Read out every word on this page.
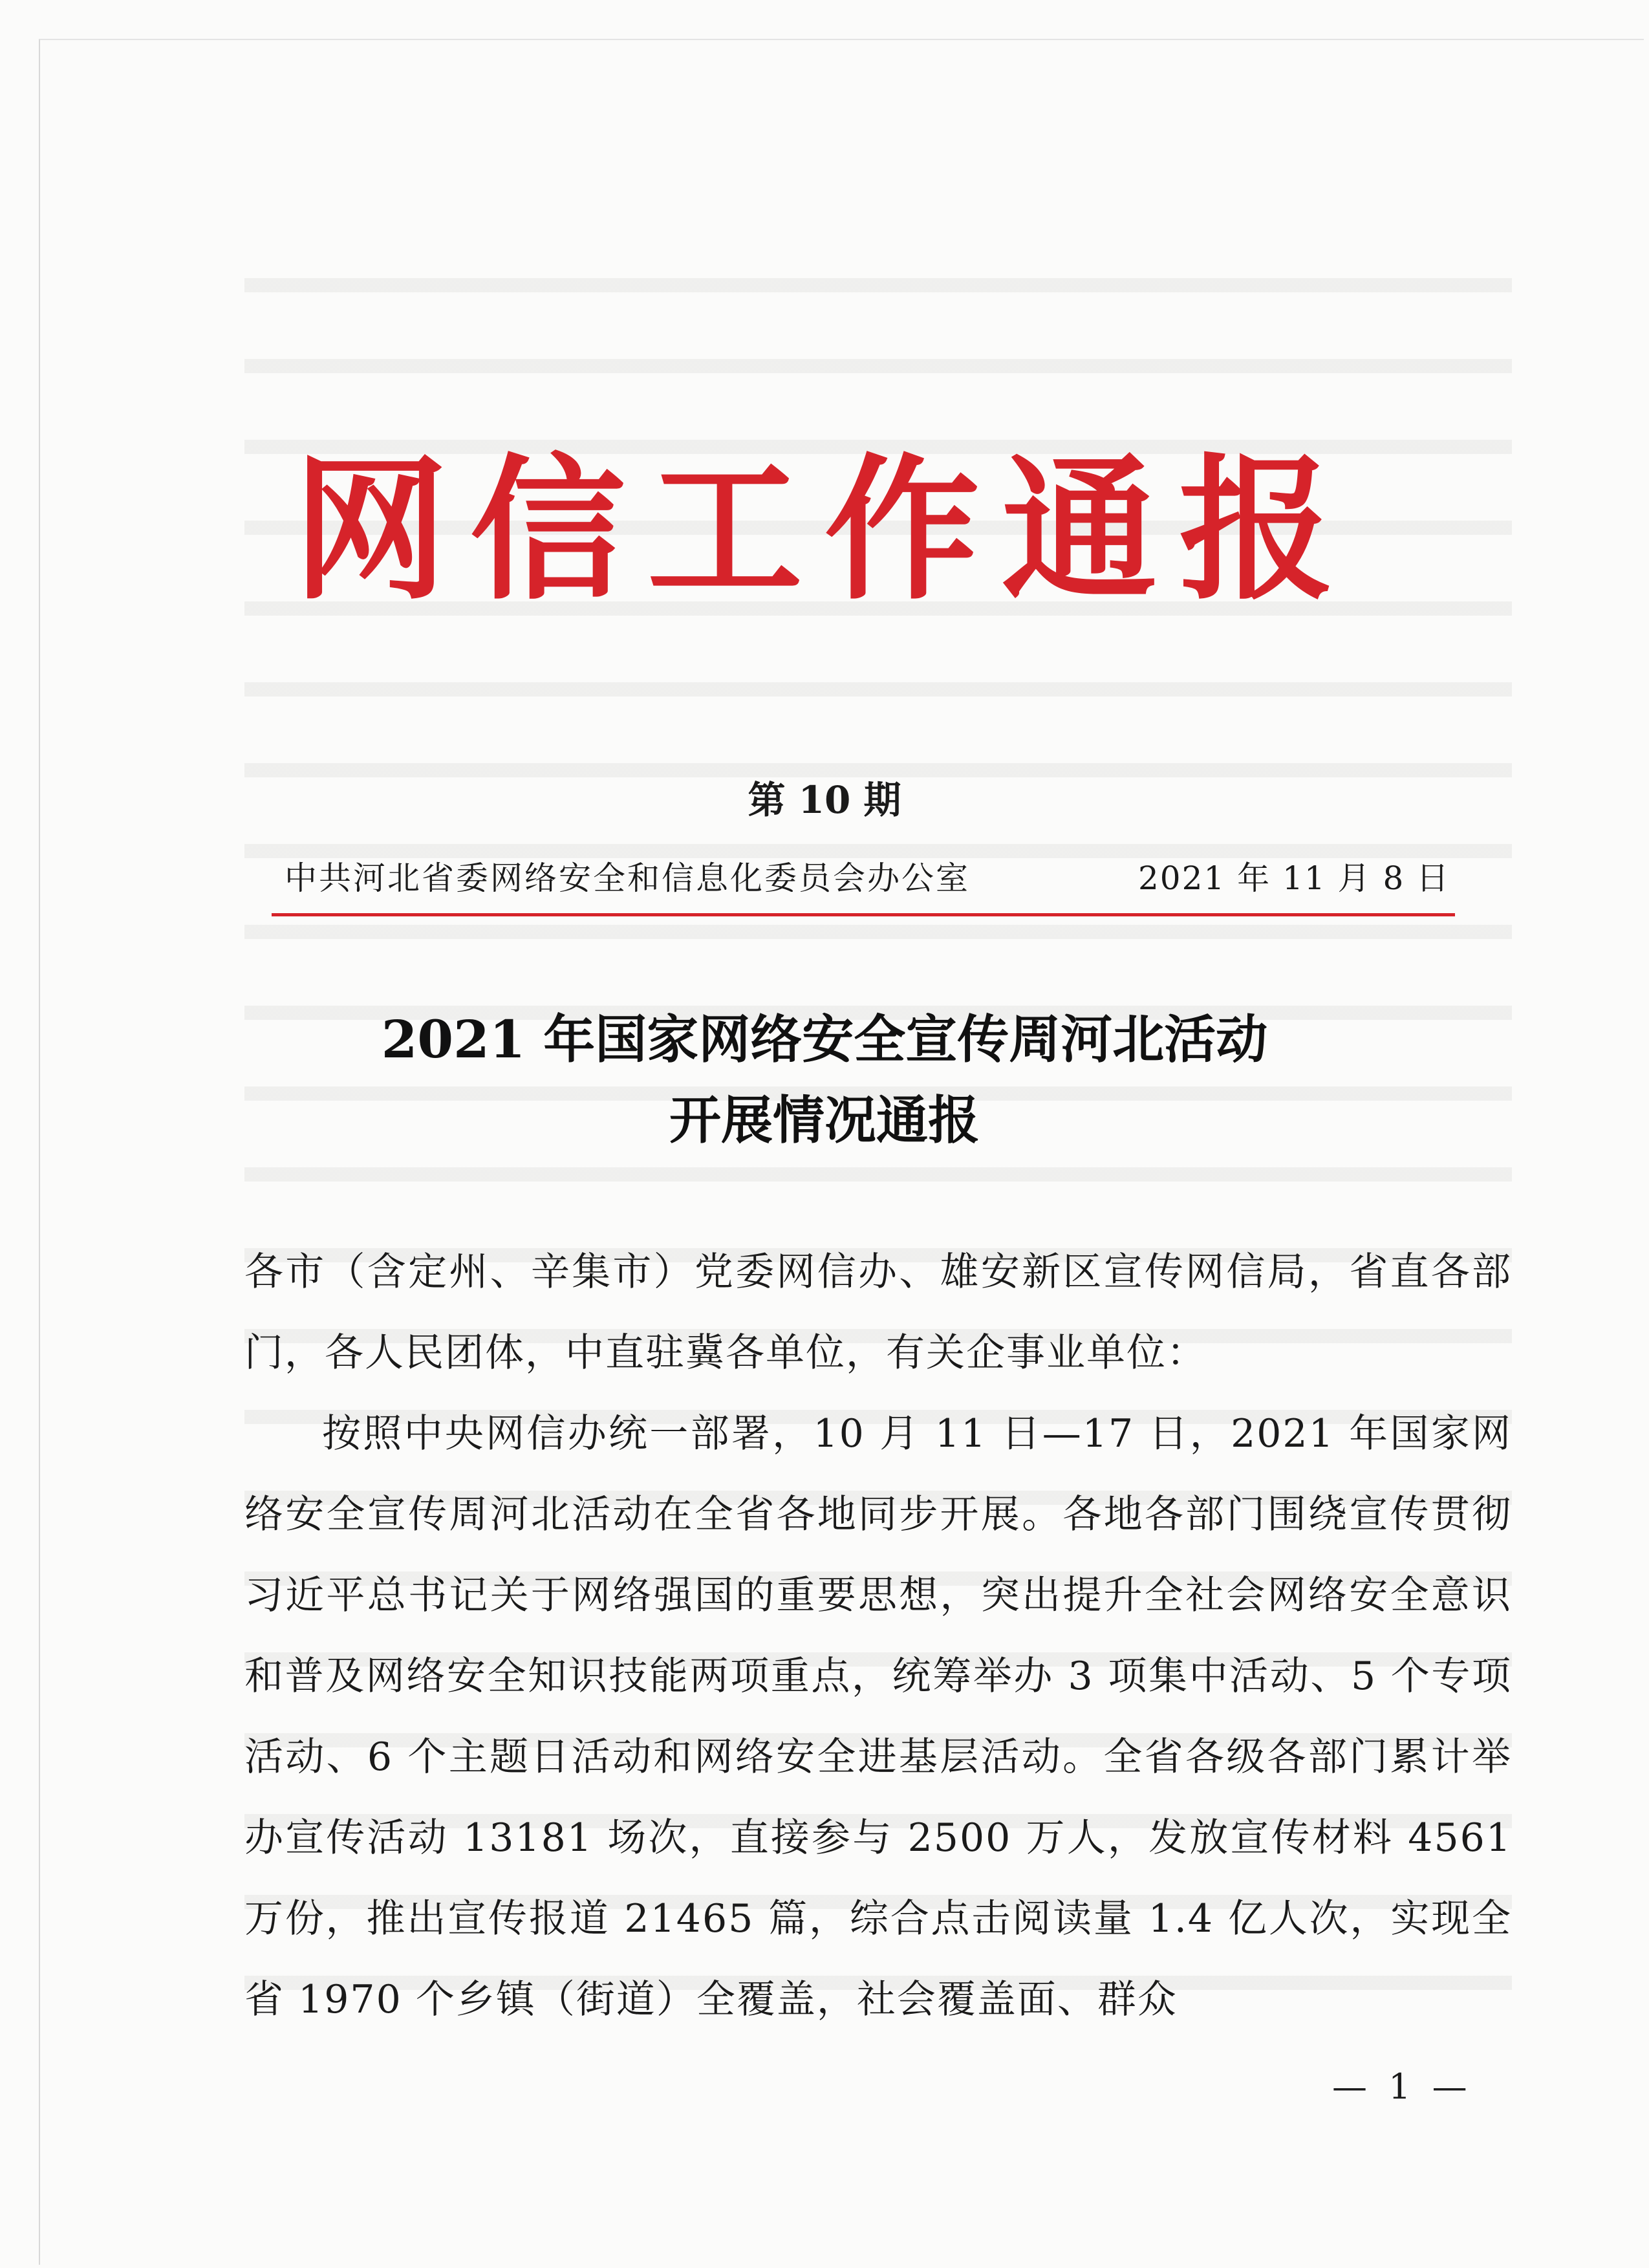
网信工作通报
第 10 期
中共河北省委网络安全和信息化委员会办公室	2021 年 11 月 8 日
2021 年国家网络安全宣传周河北活动
开展情况通报

各市（含定州、辛集市）党委网信办、雄安新区宣传网信局，省直各部门，各人民团体，中直驻冀各单位，有关企事业单位：

按照中央网信办统一部署，10 月 11 日—17 日，2021 年国家网络安全宣传周河北活动在全省各地同步开展。各地各部门围绕宣传贯彻习近平总书记关于网络强国的重要思想，突出提升全社会网络安全意识和普及网络安全知识技能两项重点，统筹举办 3 项集中活动、5 个专项活动、6 个主题日活动和网络安全进基层活动。全省各级各部门累计举办宣传活动 13181 场次，直接参与 2500 万人，发放宣传材料 4561 万份，推出宣传报道 21465 篇，综合点击阅读量 1.4 亿人次，实现全省 1970 个乡镇（街道）全覆盖，社会覆盖面、群众

— 1 —
